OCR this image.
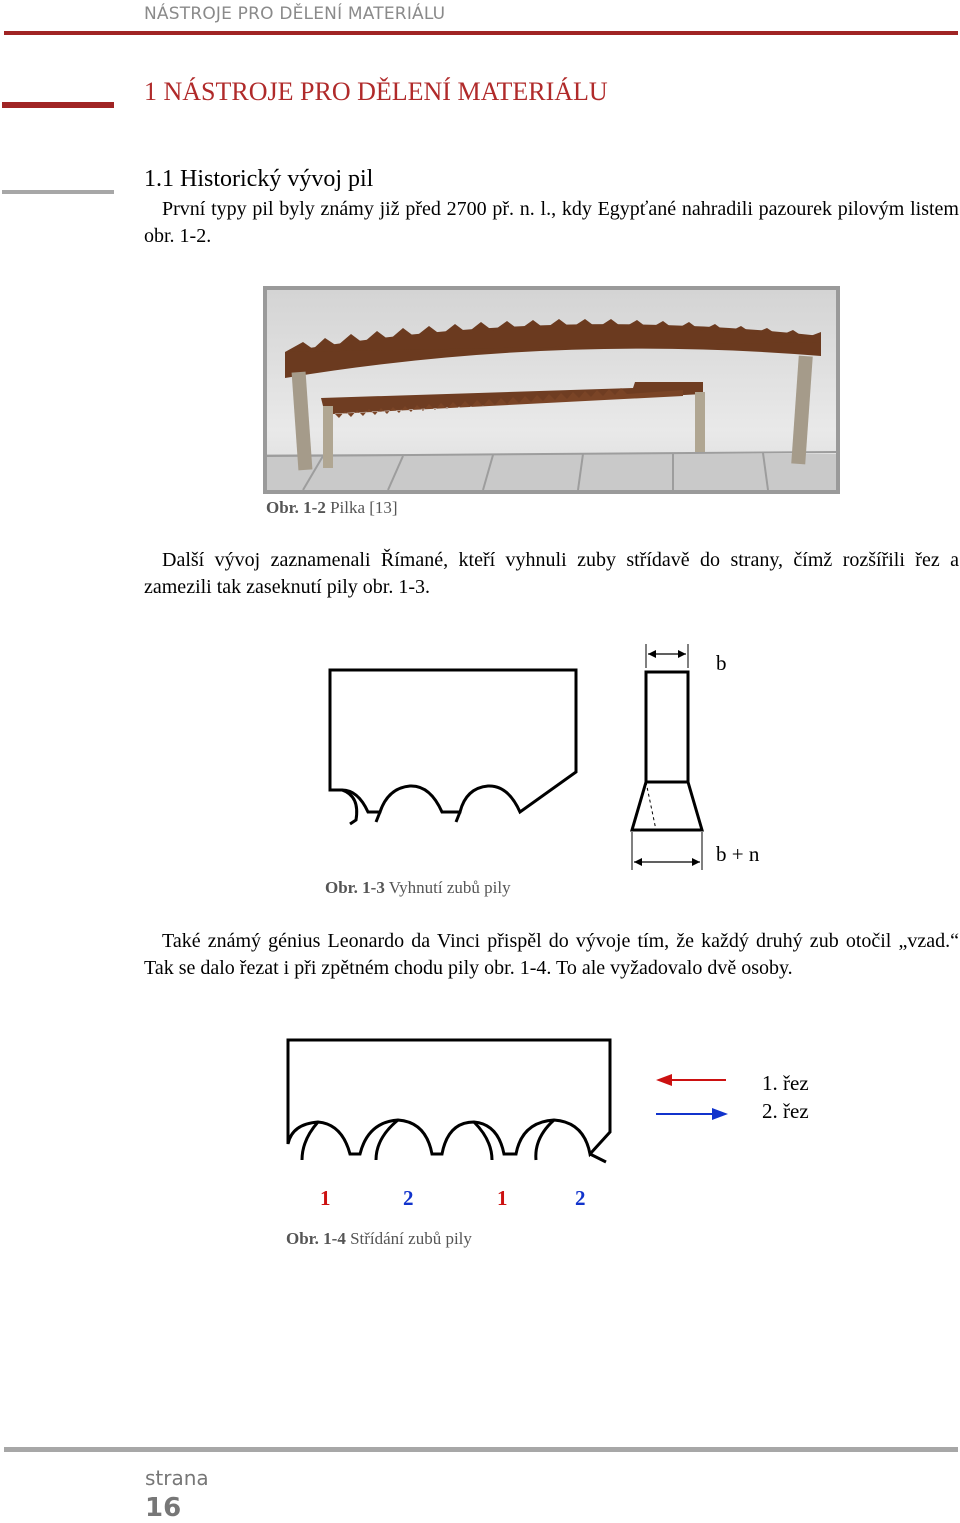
NÁSTROJE PRO DĚLENÍ MATERIÁLU
1 NÁSTROJE PRO DĚLENÍ MATERIÁLU
1.1 Historický vývoj pil
První typy pil byly známy již před 2700 př. n. l., kdy Egypťané nahradili pazourek pilovým listem obr. 1-2.
Obr. 1-2 Pilka [13]
Další vývoj zaznamenali Římané, kteří vyhnuli zuby střídavě do strany, čímž rozšířili řez a zamezili tak zaseknutí pily obr. 1-3.
b
b + n
Obr. 1-3 Vyhnutí zubů pily
Také známý génius Leonardo da Vinci přispěl do vývoje tím, že každý druhý zub otočil „vzad.“ Tak se dalo řezat i při zpětném chodu pily obr. 1-4. To ale vyžadovalo dvě osoby.
1. řez
2. řez
1	2	1	2
Obr. 1-4 Střídání zubů pily
strana
16
